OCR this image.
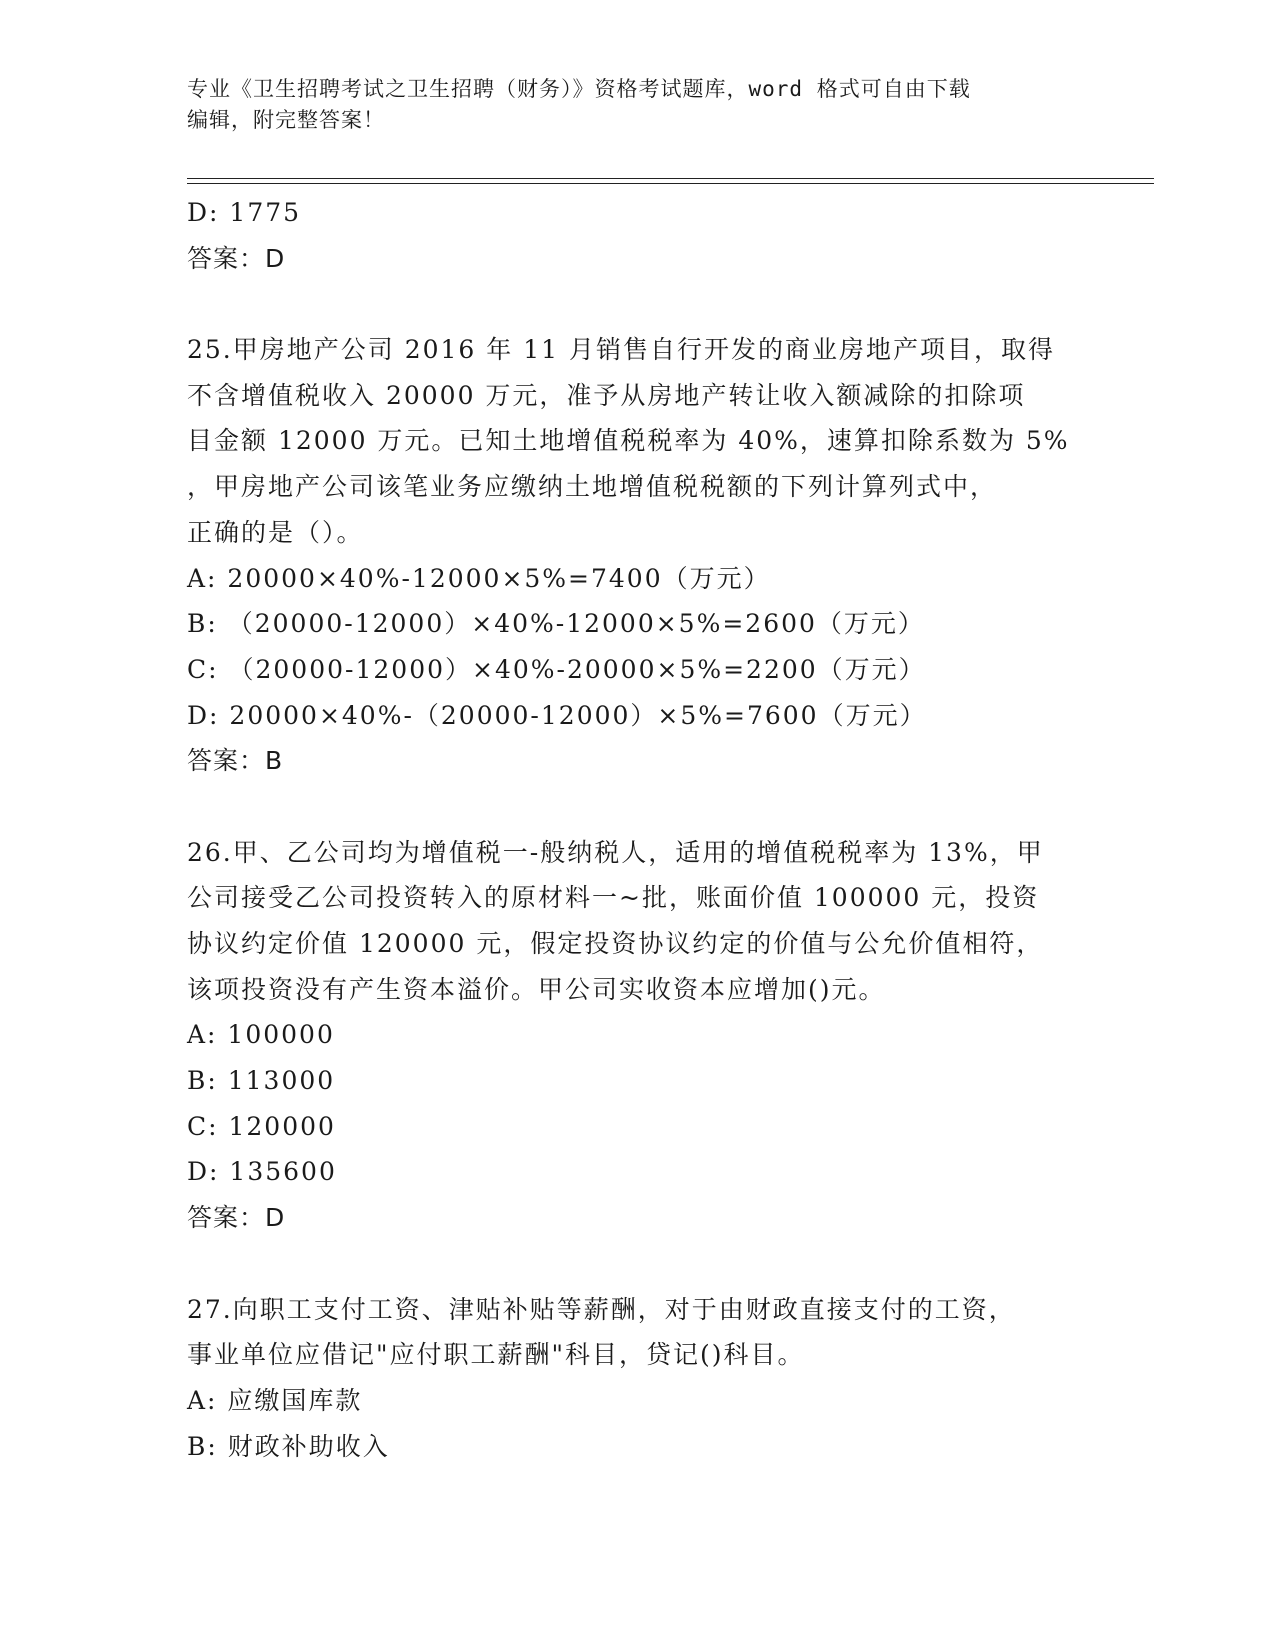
专业《卫生招聘考试之卫生招聘（财务）》资格考试题库，word 格式可自由下载
编辑，附完整答案！
D: 1775
答案：D
25.甲房地产公司 2016 年 11 月销售自行开发的商业房地产项目，取得
不含增值税收入 20000 万元，准予从房地产转让收入额减除的扣除项
目金额 12000 万元。已知土地增值税税率为 40%，速算扣除系数为 5%
，甲房地产公司该笔业务应缴纳土地增值税税额的下列计算列式中，
正确的是（）。
A: 20000×40%-12000×5%=7400（万元）
B: （20000-12000）×40%-12000×5%=2600（万元）
C: （20000-12000）×40%-20000×5%=2200（万元）
D: 20000×40%-（20000-12000）×5%=7600（万元）
答案：B
26.甲、乙公司均为增值税一-般纳税人，适用的增值税税率为 13%，甲
公司接受乙公司投资转入的原材料一~批，账面价值 100000 元，投资
协议约定价值 120000 元，假定投资协议约定的价值与公允价值相符，
该项投资没有产生资本溢价。甲公司实收资本应增加()元。
A: 100000
B: 113000
C: 120000
D: 135600
答案：D
27.向职工支付工资、津贴补贴等薪酬，对于由财政直接支付的工资，
事业单位应借记"应付职工薪酬"科目，贷记()科目。
A: 应缴国库款
B: 财政补助收入
